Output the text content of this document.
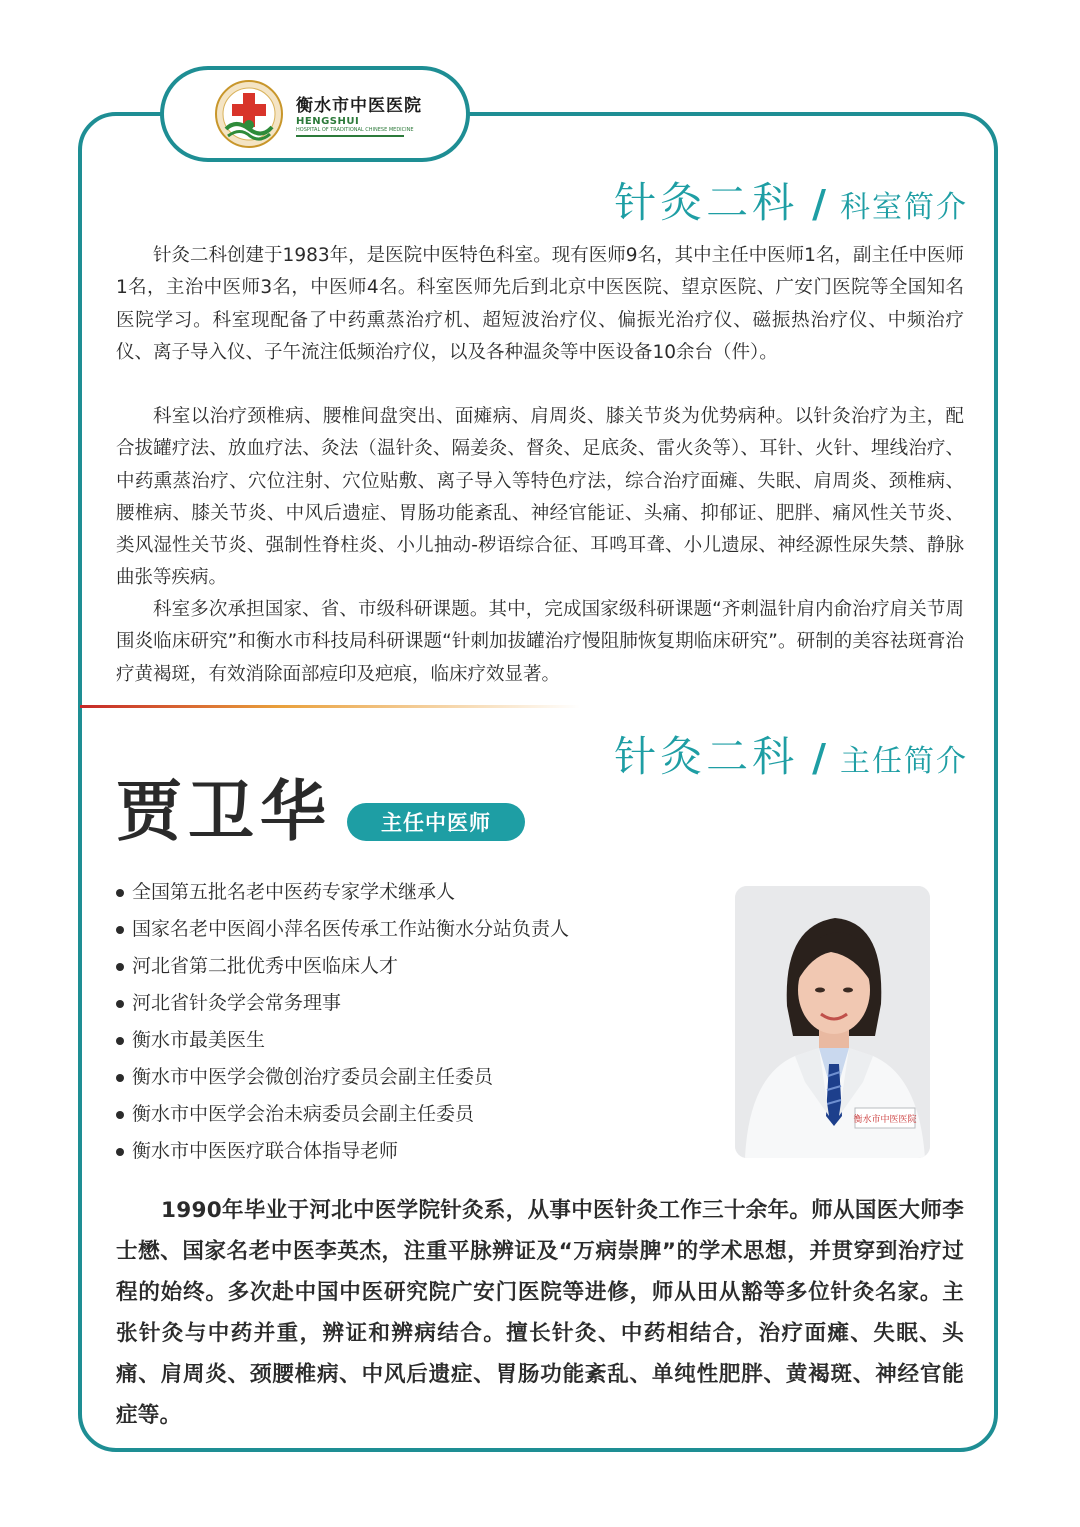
衡水市中医医院
HENGSHUI
HOSPITAL OF TRADITIONAL CHINESE MEDICINE
针灸二科 / 科室简介

针灸二科创建于1983年，是医院中医特色科室。现有医师9名，其中主任中医师1名，副主任中医师1名，主治中医师3名，中医师4名。科室医师先后到北京中医医院、望京医院、广安门医院等全国知名医院学习。科室现配备了中药熏蒸治疗机、超短波治疗仪、偏振光治疗仪、磁振热治疗仪、中频治疗仪、离子导入仪、子午流注低频治疗仪，以及各种温灸等中医设备10余台（件）。

科室以治疗颈椎病、腰椎间盘突出、面瘫病、肩周炎、膝关节炎为优势病种。以针灸治疗为主，配合拔罐疗法、放血疗法、灸法（温针灸、隔姜灸、督灸、足底灸、雷火灸等）、耳针、火针、埋线治疗、中药熏蒸治疗、穴位注射、穴位贴敷、离子导入等特色疗法，综合治疗面瘫、失眠、肩周炎、颈椎病、腰椎病、膝关节炎、中风后遗症、胃肠功能紊乱、神经官能证、头痛、抑郁证、肥胖、痛风性关节炎、类风湿性关节炎、强制性脊柱炎、小儿抽动-秽语综合征、耳鸣耳聋、小儿遗尿、神经源性尿失禁、静脉曲张等疾病。

科室多次承担国家、省、市级科研课题。其中，完成国家级科研课题“齐刺温针肩内俞治疗肩关节周围炎临床研究”和衡水市科技局科研课题“针刺加拔罐治疗慢阻肺恢复期临床研究”。研制的美容祛斑膏治疗黄褐斑，有效消除面部痘印及疤痕，临床疗效显著。

针灸二科 / 主任简介
贾卫华	主任中医师
全国第五批名老中医药专家学术继承人
国家名老中医阎小萍名医传承工作站衡水分站负责人
河北省第二批优秀中医临床人才
河北省针灸学会常务理事
衡水市最美医生
衡水市中医学会微创治疗委员会副主任委员
衡水市中医学会治未病委员会副主任委员
衡水市中医医疗联合体指导老师
衡水市中医医院

1990年毕业于河北中医学院针灸系，从事中医针灸工作三十余年。师从国医大师李士懋、国家名老中医李英杰，注重平脉辨证及“万病崇脾”的学术思想，并贯穿到治疗过程的始终。多次赴中国中医研究院广安门医院等进修，师从田从豁等多位针灸名家。主张针灸与中药并重，辨证和辨病结合。擅长针灸、中药相结合，治疗面瘫、失眠、头痛、肩周炎、颈腰椎病、中风后遗症、胃肠功能紊乱、单纯性肥胖、黄褐斑、神经官能症等。
